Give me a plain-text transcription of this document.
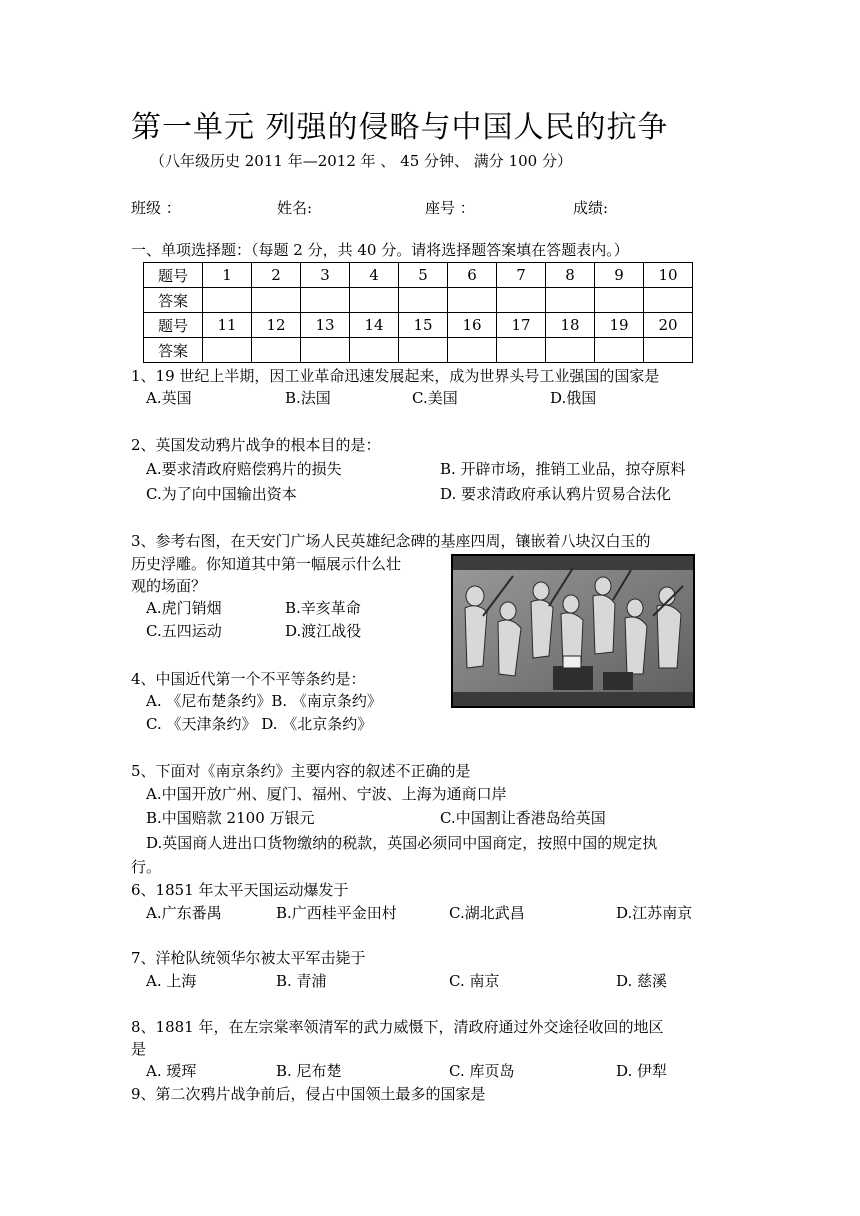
第一单元 列强的侵略与中国人民的抗争
（八年级历史 2011 年—2012 年 、 45 分钟、 满分 100 分）
班级 ：	姓名:	座号 ：	成绩:
一、单项选择题：（每题 2 分，共 40 分。请将选择题答案填在答题表内。）
题号	1	2	3	4	5	6	7	8	9	10
答案										
题号	11	12	13	14	15	16	17	18	19	20
答案										
1、19 世纪上半期，因工业革命迅速发展起来，成为世界头号工业强国的国家是
A.英国	B.法国	C.美国	D.俄国
2、英国发动鸦片战争的根本目的是：
A.要求清政府赔偿鸦片的损失	B. 开辟市场，推销工业品，掠夺原料
C.为了向中国输出资本	D. 要求清政府承认鸦片贸易合法化
3、参考右图，在天安门广场人民英雄纪念碑的基座四周，镶嵌着八块汉白玉的
历史浮雕。你知道其中第一幅展示什么壮
观的场面？
A.虎门销烟	B.辛亥革命
C.五四运动	D.渡江战役
4、中国近代第一个不平等条约是：
A. 《尼布楚条约》B. 《南京条约》
C. 《天津条约》 D. 《北京条约》
5、下面对《南京条约》主要内容的叙述不正确的是
A.中国开放广州、厦门、福州、宁波、上海为通商口岸
B.中国赔款 2100 万银元	C.中国割让香港岛给英国
D.英国商人进出口货物缴纳的税款，英国必须同中国商定，按照中国的规定执
行。
6、1851 年太平天国运动爆发于
A.广东番禺	B.广西桂平金田村	C.湖北武昌	D.江苏南京
7、洋枪队统领华尔被太平军击毙于
A. 上海	B. 青浦	C. 南京	D. 慈溪
8、1881 年，在左宗棠率领清军的武力威慑下，清政府通过外交途径收回的地区
是
A. 瑷珲	B. 尼布楚	C. 库页岛	D. 伊犁
9、第二次鸦片战争前后，侵占中国领土最多的国家是
